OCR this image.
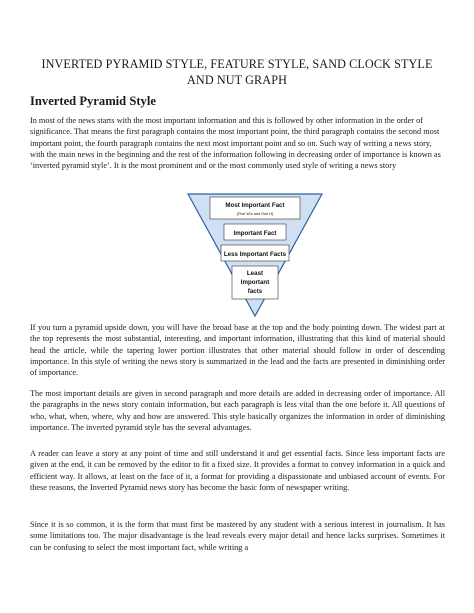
INVERTED PYRAMID STYLE, FEATURE STYLE, SAND CLOCK STYLE
AND NUT GRAPH
Inverted Pyramid Style

In most of the news starts with the most important information and this is followed by other information in the order of significance. That means the first paragraph contains the most important point, the third paragraph contains the second most important point, the fourth paragraph contains the next most important point and so on. Such way of writing a news story, with the main news in the beginning and the rest of the information following in decreasing order of importance is known as ‘inverted pyramid style’. It is the most prominent and or the most commonly used style of writing a news story

Most Important Fact
(Five W’s and One H)
Important Fact
Less Important Facts
Least
Important
facts

If you turn a pyramid upside down, you will have the broad base at the top and the body pointing down. The widest part at the top represents the most substantial, interesting, and important information, illustrating that this kind of material should head the article, while the tapering lower portion illustrates that other material should follow in order of descending importance. In this style of writing the news story is summarized in the lead and the facts are presented in diminishing order of importance.

The most important details are given in second paragraph and more details are added in decreasing order of importance. All the paragraphs in the news story contain information, but each paragraph is less vital than the one before it. All questions of who, what, when, where, why and how are answered. This style basically organizes the information in order of diminishing importance. The inverted pyramid style has the several advantages.

A reader can leave a story at any point of time and still understand it and get essential facts. Since less important facts are given at the end, it can be removed by the editor to fit a fixed size. It provides a format to convey information in a quick and efficient way. It allows, at least on the face of it, a format for providing a dispassionate and unbiased account of events. For these reasons, the Inverted Pyramid news story has become the basic form of newspaper writing.

Since it is so common, it is the form that must first be mastered by any student with a serious interest in journalism. It has some limitations too. The major disadvantage is the lead reveals every major detail and hence lacks surprises. Sometimes it can be confusing to select the most important fact, while writing a
